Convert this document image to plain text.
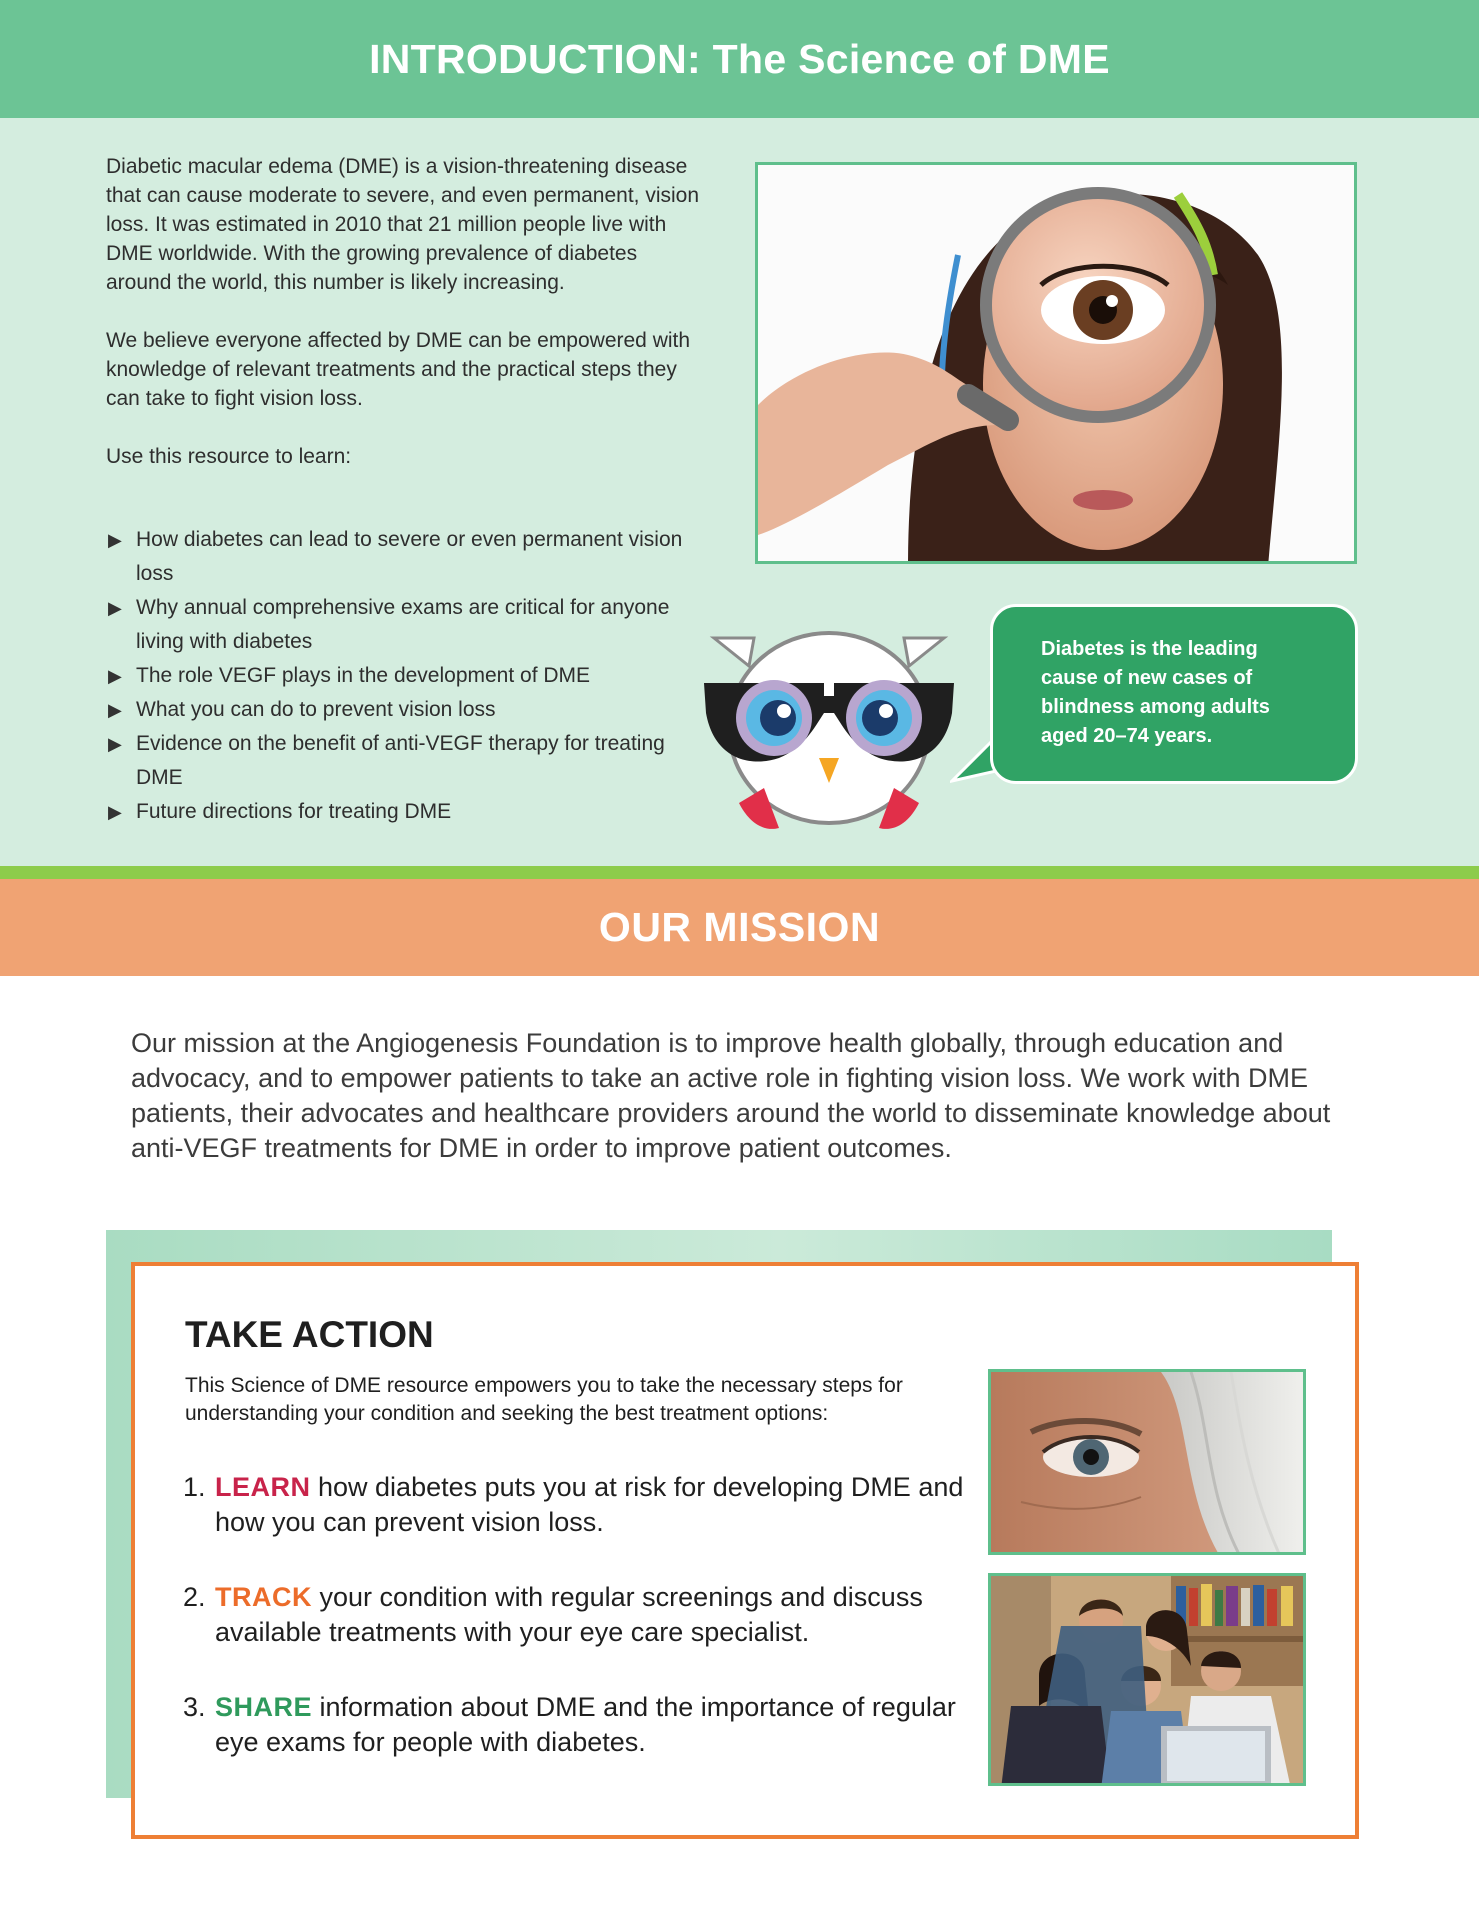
INTRODUCTION: The Science of DME

Diabetic macular edema (DME) is a vision-threatening disease that can cause moderate to severe, and even permanent, vision loss. It was estimated in 2010 that 21 million people live with DME worldwide. With the growing prevalence of diabetes around the world, this number is likely increasing.

We believe everyone affected by DME can be empowered with knowledge of relevant treatments and the practical steps they can take to fight vision loss.

Use this resource to learn:

▶ How diabetes can lead to severe or even permanent vision loss
▶ Why annual comprehensive exams are critical for anyone living with diabetes
▶ The role VEGF plays in the development of DME
▶ What you can do to prevent vision loss
▶ Evidence on the benefit of anti-VEGF therapy for treating DME
▶ Future directions for treating DME
Diabetes is the leading cause of new cases of blindness among adults aged 20–74 years.
OUR MISSION
Our mission at the Angiogenesis Foundation is to improve health globally, through education and advocacy, and to empower patients to take an active role in fighting vision loss. We work with DME patients, their advocates and healthcare providers around the world to disseminate knowledge about anti-VEGF treatments for DME in order to improve patient outcomes.
TAKE ACTION
This Science of DME resource empowers you to take the necessary steps for understanding your condition and seeking the best treatment options:
1. LEARN how diabetes puts you at risk for developing DME and how you can prevent vision loss.
2. TRACK your condition with regular screenings and discuss available treatments with your eye care specialist.
3. SHARE information about DME and the importance of regular eye exams for people with diabetes.
